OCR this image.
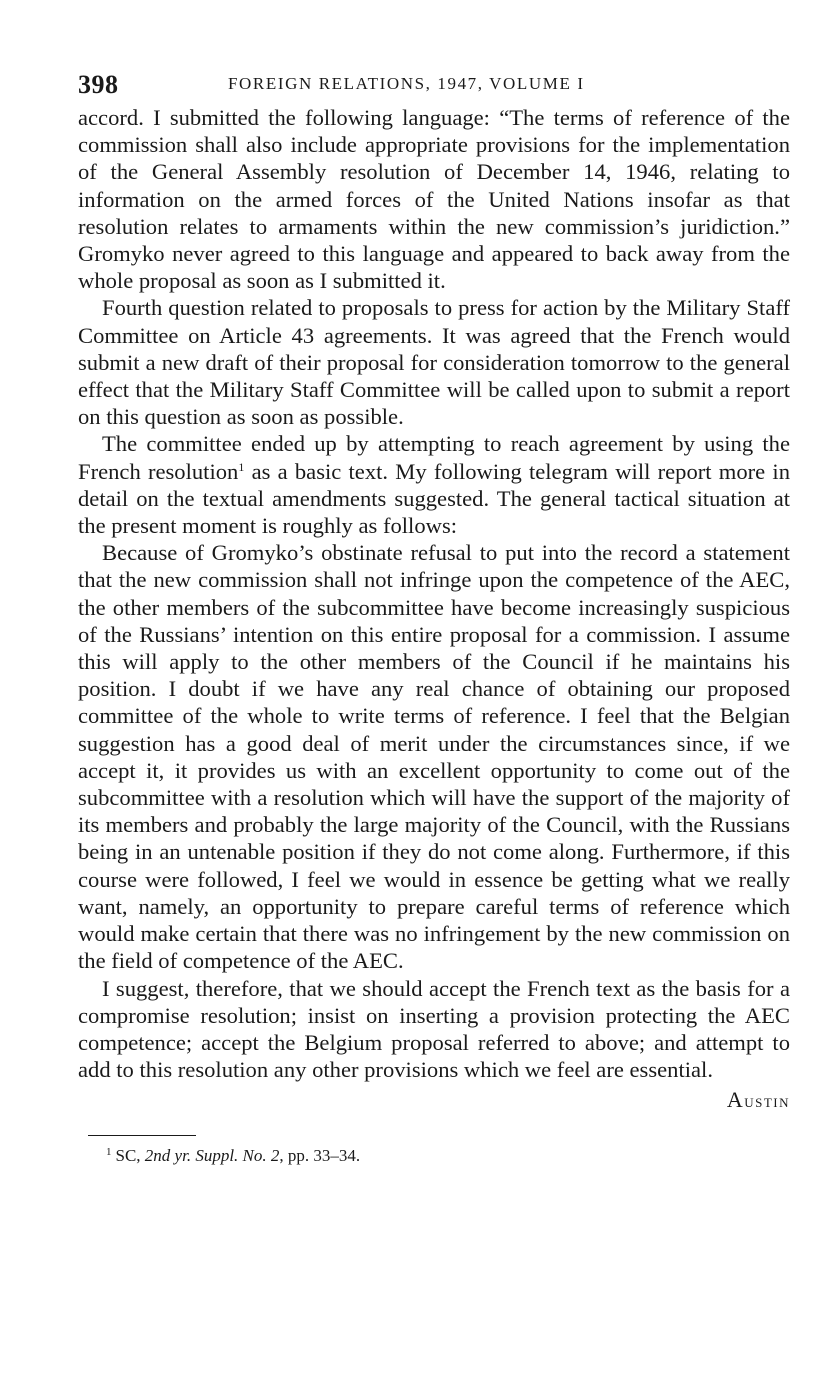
398	FOREIGN RELATIONS, 1947, VOLUME I

accord. I submitted the following language: “The terms of reference of the commission shall also include appropriate provisions for the implementation of the General Assembly resolution of December 14, 1946, relating to information on the armed forces of the United Nations insofar as that resolution relates to armaments within the new commission’s juridiction.” Gromyko never agreed to this language and appeared to back away from the whole proposal as soon as I submitted it.

Fourth question related to proposals to press for action by the Military Staff Committee on Article 43 agreements. It was agreed that the French would submit a new draft of their proposal for consideration tomorrow to the general effect that the Military Staff Committee will be called upon to submit a report on this question as soon as possible.

The committee ended up by attempting to reach agreement by using the French resolution$^1$ as a basic text. My following telegram will report more in detail on the textual amendments suggested. The general tactical situation at the present moment is roughly as follows:

Because of Gromyko’s obstinate refusal to put into the record a statement that the new commission shall not infringe upon the competence of the AEC, the other members of the subcommittee have become increasingly suspicious of the Russians’ intention on this entire proposal for a commission. I assume this will apply to the other members of the Council if he maintains his position. I doubt if we have any real chance of obtaining our proposed committee of the whole to write terms of reference. I feel that the Belgian suggestion has a good deal of merit under the circumstances since, if we accept it, it provides us with an excellent opportunity to come out of the subcommittee with a resolution which will have the support of the majority of its members and probably the large majority of the Council, with the Russians being in an untenable position if they do not come along. Furthermore, if this course were followed, I feel we would in essence be getting what we really want, namely, an opportunity to prepare careful terms of reference which would make certain that there was no infringement by the new commission on the field of competence of the AEC.

I suggest, therefore, that we should accept the French text as the basis for a compromise resolution; insist on inserting a provision protecting the AEC competence; accept the Belgium proposal referred to above; and attempt to add to this resolution any other provisions which we feel are essential.

Austin
$^1$ SC, 2nd yr. Suppl. No. 2, pp. 33–34.
